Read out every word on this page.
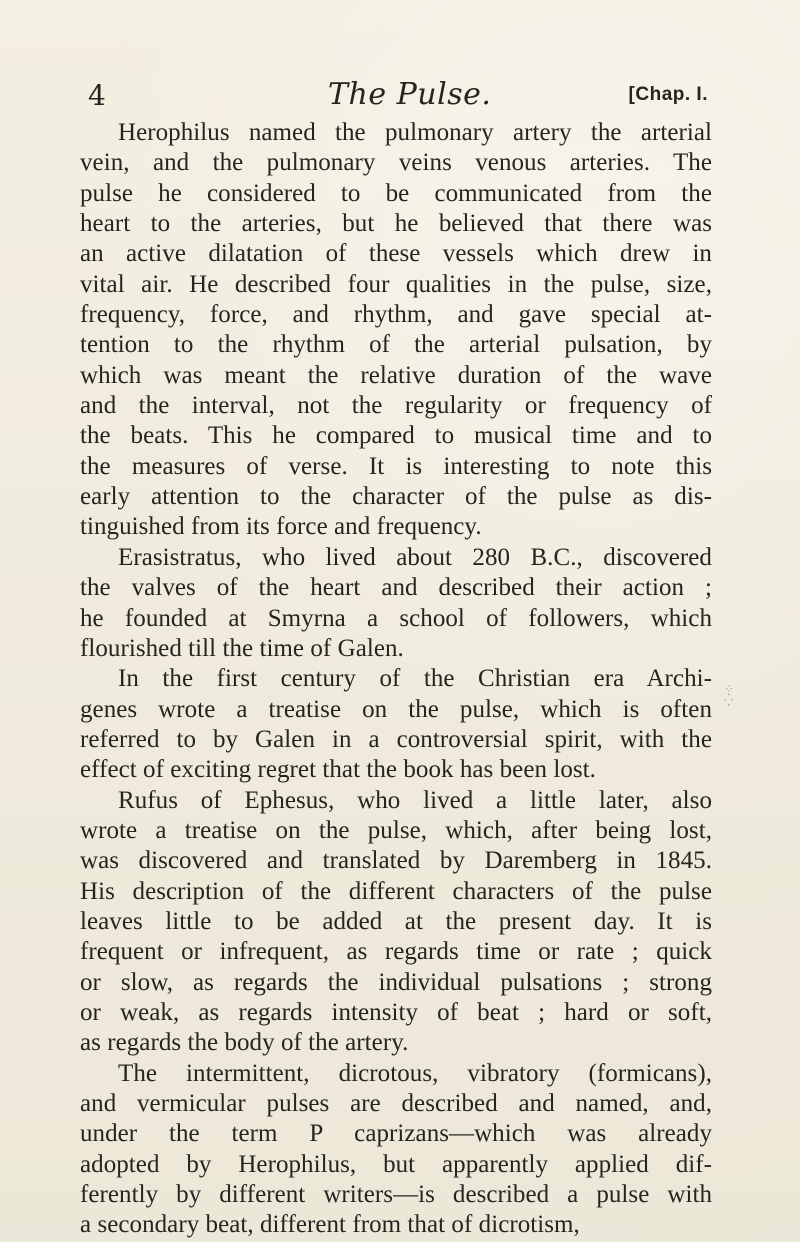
4	The Pulse.	[Chap. I.
Herophilus named the pulmonary artery the arterial
vein, and the pulmonary veins venous arteries. The
pulse he considered to be communicated from the
heart to the arteries, but he believed that there was
an active dilatation of these vessels which drew in
vital air. He described four qualities in the pulse, size,
frequency, force, and rhythm, and gave special at-
tention to the rhythm of the arterial pulsation, by
which was meant the relative duration of the wave
and the interval, not the regularity or frequency of
the beats. This he compared to musical time and to
the measures of verse. It is interesting to note this
early attention to the character of the pulse as dis-
tinguished from its force and frequency.
Erasistratus, who lived about 280 B.C., discovered
the valves of the heart and described their action ;
he founded at Smyrna a school of followers, which
flourished till the time of Galen.
In the first century of the Christian era Archi-
genes wrote a treatise on the pulse, which is often
referred to by Galen in a controversial spirit, with the
effect of exciting regret that the book has been lost.
Rufus of Ephesus, who lived a little later, also
wrote a treatise on the pulse, which, after being lost,
was discovered and translated by Daremberg in 1845.
His description of the different characters of the pulse
leaves little to be added at the present day. It is
frequent or infrequent, as regards time or rate ; quick
or slow, as regards the individual pulsations ; strong
or weak, as regards intensity of beat ; hard or soft,
as regards the body of the artery.
The intermittent, dicrotous, vibratory (formicans),
and vermicular pulses are described and named, and,
under the term P caprizans—which was already
adopted by Herophilus, but apparently applied dif-
ferently by different writers—is described a pulse with
a secondary beat, different from that of dicrotism,
⁘
⁛
